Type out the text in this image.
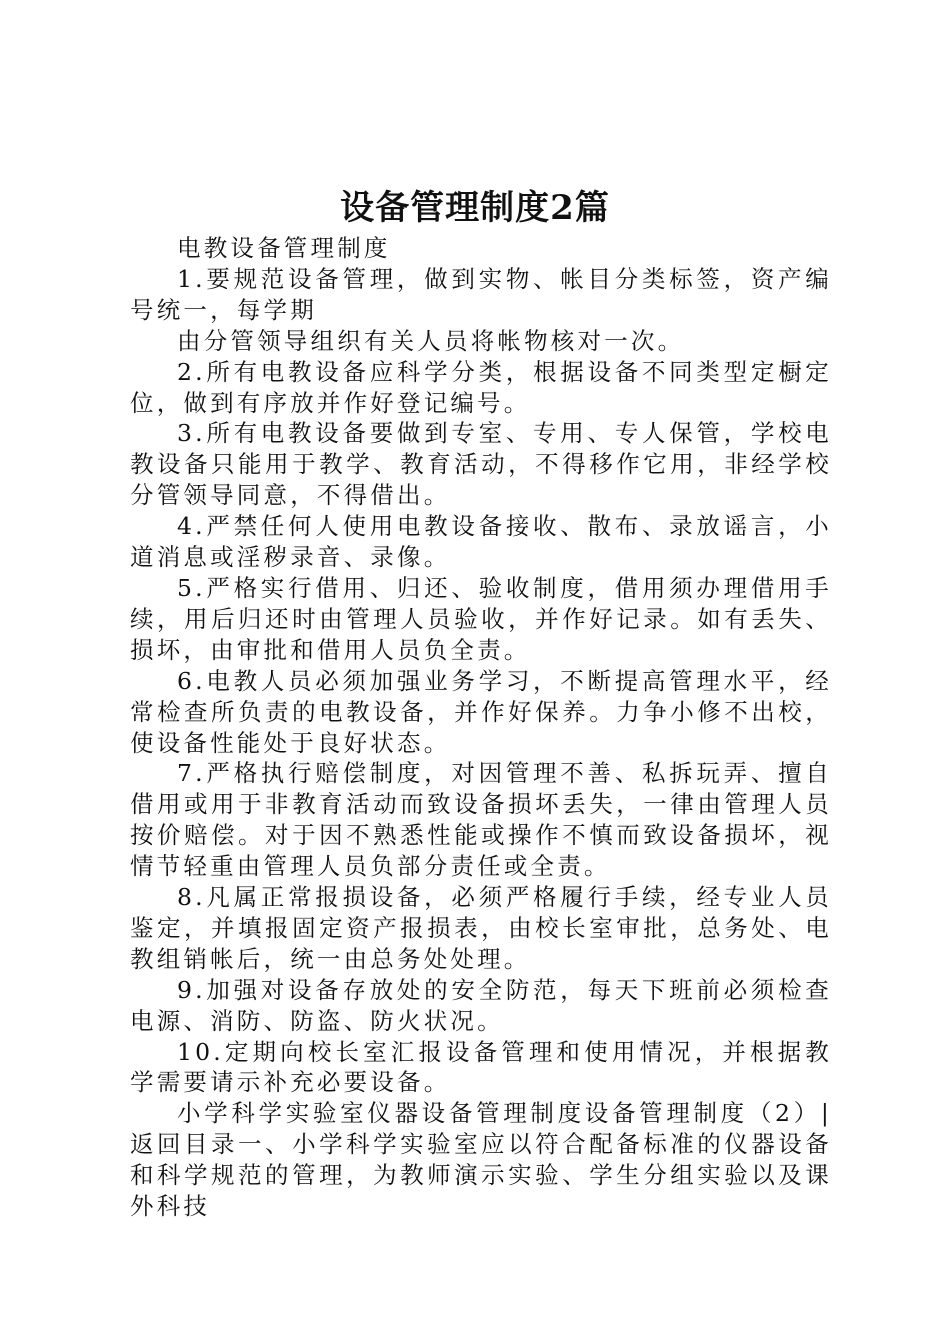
设备管理制度2篇

电教设备管理制度

1.要规范设备管理，做到实物、帐目分类标签，资产编号统一，每学期

由分管领导组织有关人员将帐物核对一次。

2.所有电教设备应科学分类，根据设备不同类型定橱定位，做到有序放并作好登记编号。

3.所有电教设备要做到专室、专用、专人保管，学校电教设备只能用于教学、教育活动，不得移作它用，非经学校分管领导同意，不得借出。

4.严禁任何人使用电教设备接收、散布、录放谣言，小道消息或淫秽录音、录像。

5.严格实行借用、归还、验收制度，借用须办理借用手续，用后归还时由管理人员验收，并作好记录。如有丢失、损坏，由审批和借用人员负全责。

6.电教人员必须加强业务学习，不断提高管理水平，经常检查所负责的电教设备，并作好保养。力争小修不出校，使设备性能处于良好状态。

7.严格执行赔偿制度，对因管理不善、私拆玩弄、擅自借用或用于非教育活动而致设备损坏丢失，一律由管理人员按价赔偿。对于因不熟悉性能或操作不慎而致设备损坏，视情节轻重由管理人员负部分责任或全责。

8.凡属正常报损设备，必须严格履行手续，经专业人员鉴定，并填报固定资产报损表，由校长室审批，总务处、电教组销帐后，统一由总务处处理。

9.加强对设备存放处的安全防范，每天下班前必须检查电源、消防、防盗、防火状况。

10.定期向校长室汇报设备管理和使用情况，并根据教学需要请示补充必要设备。

小学科学实验室仪器设备管理制度设备管理制度（2）|返回目录一、小学科学实验室应以符合配备标准的仪器设备和科学规范的管理，为教师演示实验、学生分组实验以及课外科技
